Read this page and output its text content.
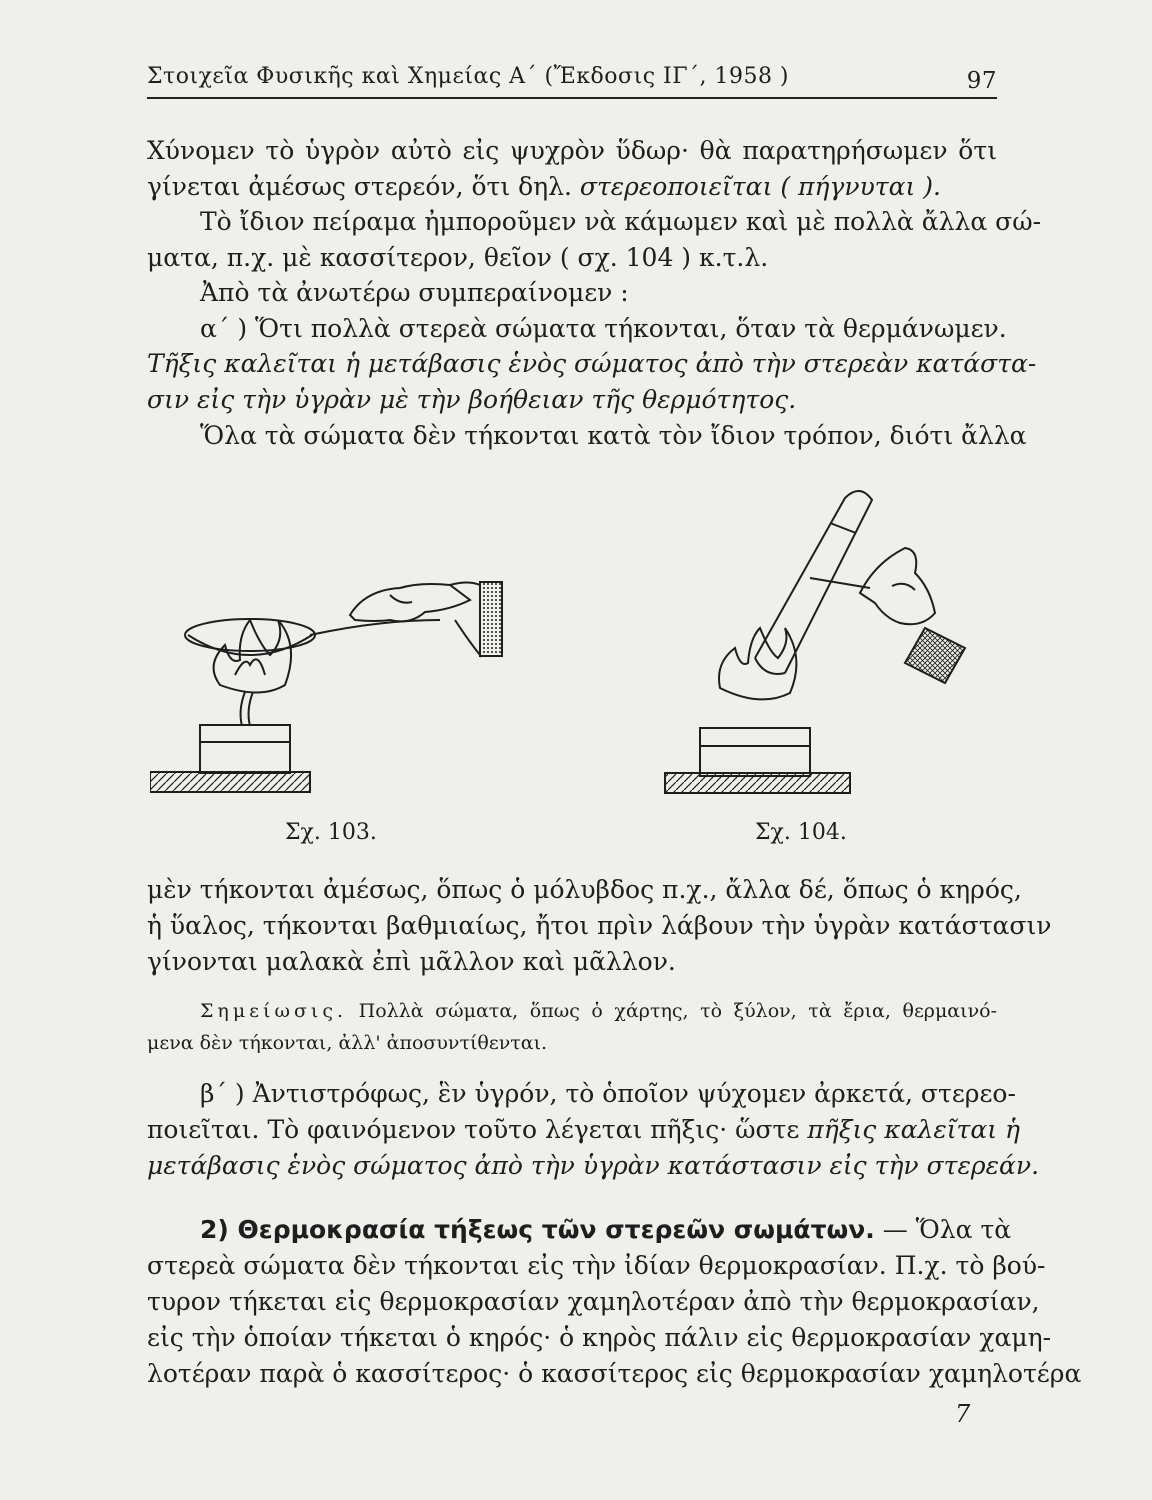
Στοιχεῖα Φυσικῆς καὶ Χημείας Α΄ (Ἔκδοσις ΙΓ΄, 1958 )	97
Χύνομεν τὸ ὑγρὸν αὐτὸ εἰς ψυχρὸν ὕδωρ· θὰ παρατηρήσωμεν ὅτι
γίνεται ἀμέσως στερεόν, ὅτι δηλ. στερεοποιεῖται ( πήγνυται ).
Τὸ ἴδιον πείραμα ἠμποροῦμεν νὰ κάμωμεν καὶ μὲ πολλὰ ἄλλα σώ-
ματα, π.χ. μὲ κασσίτερον, θεῖον ( σχ. 104 ) κ.τ.λ.
Ἀπὸ τὰ ἀνωτέρω συμπεραίνομεν :
α΄ ) Ὅτι πολλὰ στερεὰ σώματα τήκονται, ὅταν τὰ θερμάνωμεν.
Τῆξις καλεῖται ἡ μετάβασις ἑνὸς σώματος ἀπὸ τὴν στερεὰν κατάστα-
σιν εἰς τὴν ὑγρὰν μὲ τὴν βοήθειαν τῆς θερμότητος.
Ὅλα τὰ σώματα δὲν τήκονται κατὰ τὸν ἴδιον τρόπον, διότι ἄλλα
Σχ. 103.	Σχ. 104.
μὲν τήκονται ἀμέσως, ὅπως ὁ μόλυβδος π.χ., ἄλλα δέ, ὅπως ὁ κηρός,
ἡ ὕαλος, τήκονται βαθμιαίως, ἤτοι πρὶν λάβουν τὴν ὑγρὰν κατάστασιν
γίνονται μαλακὰ ἐπὶ μᾶλλον καὶ μᾶλλον.
Σημείωσις. Πολλὰ σώματα, ὅπως ὁ χάρτης, τὸ ξύλον, τὰ ἔρια, θερμαινό-
μενα δὲν τήκονται, ἀλλ' ἀποσυντίθενται.
β΄ ) Ἀντιστρόφως, ἓν ὑγρόν, τὸ ὁποῖον ψύχομεν ἀρκετά, στερεο-
ποιεῖται. Τὸ φαινόμενον τοῦτο λέγεται πῆξις· ὥστε πῆξις καλεῖται ἡ
μετάβασις ἑνὸς σώματος ἀπὸ τὴν ὑγρὰν κατάστασιν εἰς τὴν στερεάν.
2) Θερμοκρασία τήξεως τῶν στερεῶν σωμάτων. — Ὅλα τὰ
στερεὰ σώματα δὲν τήκονται εἰς τὴν ἰδίαν θερμοκρασίαν. Π.χ. τὸ βού-
τυρον τήκεται εἰς θερμοκρασίαν χαμηλοτέραν ἀπὸ τὴν θερμοκρασίαν,
εἰς τὴν ὁποίαν τήκεται ὁ κηρός· ὁ κηρὸς πάλιν εἰς θερμοκρασίαν χαμη-
λοτέραν παρὰ ὁ κασσίτερος· ὁ κασσίτερος εἰς θερμοκρασίαν χαμηλοτέρα
7
